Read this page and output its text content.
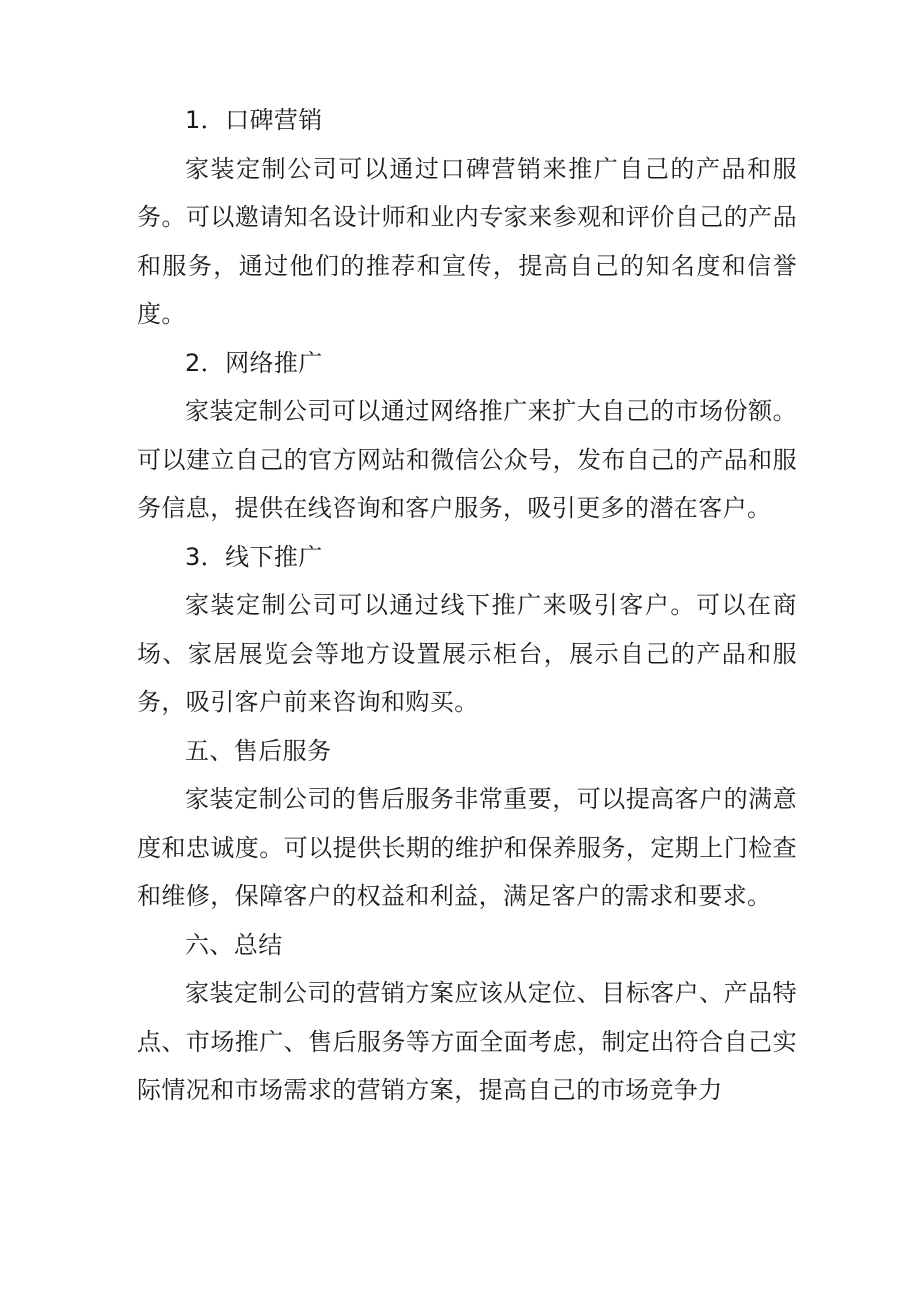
1．口碑营销

家装定制公司可以通过口碑营销来推广自己的产品和服务。可以邀请知名设计师和业内专家来参观和评价自己的产品和服务，通过他们的推荐和宣传，提高自己的知名度和信誉度。

2．网络推广

家装定制公司可以通过网络推广来扩大自己的市场份额。可以建立自己的官方网站和微信公众号，发布自己的产品和服务信息，提供在线咨询和客户服务，吸引更多的潜在客户。

3．线下推广

家装定制公司可以通过线下推广来吸引客户。可以在商场、家居展览会等地方设置展示柜台，展示自己的产品和服务，吸引客户前来咨询和购买。

五、售后服务

家装定制公司的售后服务非常重要，可以提高客户的满意度和忠诚度。可以提供长期的维护和保养服务，定期上门检查和维修，保障客户的权益和利益，满足客户的需求和要求。

六、总结

家装定制公司的营销方案应该从定位、目标客户、产品特点、市场推广、售后服务等方面全面考虑，制定出符合自己实际情况和市场需求的营销方案，提高自己的市场竞争力
